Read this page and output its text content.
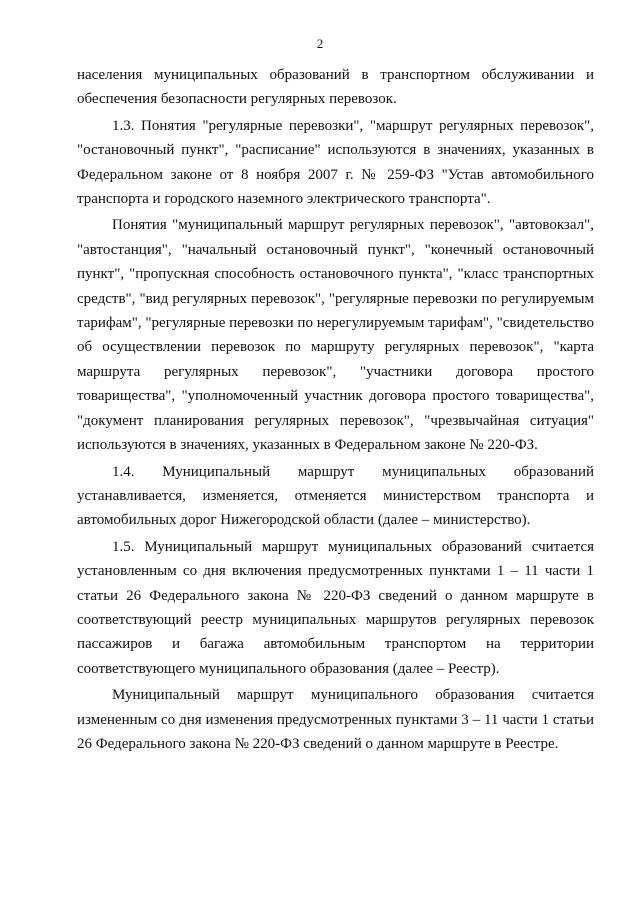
2

населения муниципальных образований в транспортном обслуживании и обеспечения безопасности регулярных перевозок.

1.3. Понятия "регулярные перевозки", "маршрут регулярных перевозок", "остановочный пункт", "расписание" используются в значениях, указанных в Федеральном законе от 8 ноября 2007 г. № 259-ФЗ "Устав автомобильного транспорта и городского наземного электрического транспорта".

Понятия "муниципальный маршрут регулярных перевозок", "автовокзал", "автостанция", "начальный остановочный пункт", "конечный остановочный пункт", "пропускная способность остановочного пункта", "класс транспортных средств", "вид регулярных перевозок", "регулярные перевозки по регулируемым тарифам", "регулярные перевозки по нерегулируемым тарифам", "свидетельство об осуществлении перевозок по маршруту регулярных перевозок", "карта маршрута регулярных перевозок", "участники договора простого товарищества", "уполномоченный участник договора простого товарищества", "документ планирования регулярных перевозок", "чрезвычайная ситуация" используются в значениях, указанных в Федеральном законе № 220-ФЗ.

1.4. Муниципальный маршрут муниципальных образований устанавливается, изменяется, отменяется министерством транспорта и автомобильных дорог Нижегородской области (далее – министерство).

1.5. Муниципальный маршрут муниципальных образований считается установленным со дня включения предусмотренных пунктами 1 – 11 части 1 статьи 26 Федерального закона № 220-ФЗ сведений о данном маршруте в соответствующий реестр муниципальных маршрутов регулярных перевозок пассажиров и багажа автомобильным транспортом на территории соответствующего муниципального образования (далее – Реестр).

Муниципальный маршрут муниципального образования считается измененным со дня изменения предусмотренных пунктами 3 – 11 части 1 статьи 26 Федерального закона № 220-ФЗ сведений о данном маршруте в Реестре.
